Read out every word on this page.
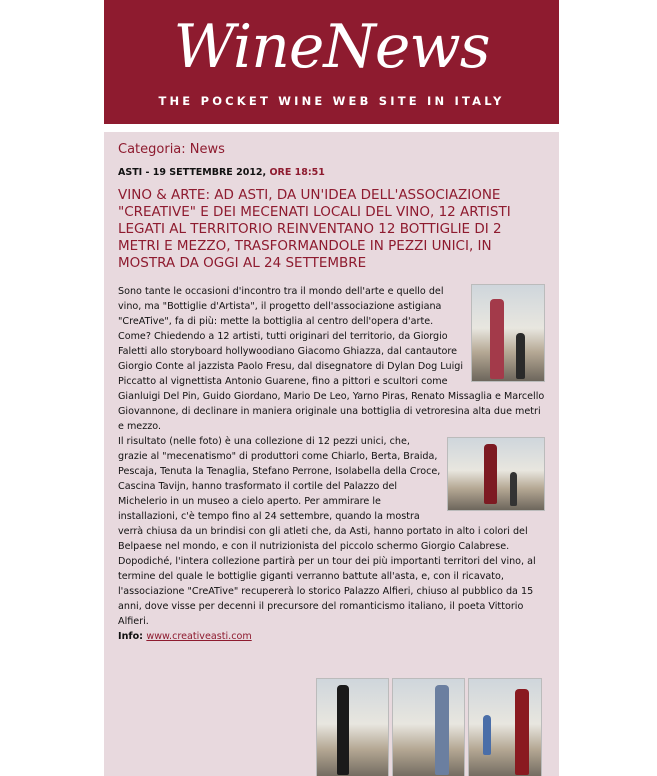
WineNews
THE POCKET WINE WEB SITE IN ITALY
Categoria: News
ASTI - 19 SETTEMBRE 2012, ORE 18:51
VINO & ARTE: AD ASTI, DA UN'IDEA DELL'ASSOCIAZIONE "CREATIVE" E DEI MECENATI LOCALI DEL VINO, 12 ARTISTI LEGATI AL TERRITORIO REINVENTANO 12 BOTTIGLIE DI 2 METRI E MEZZO, TRASFORMANDOLE IN PEZZI UNICI, IN MOSTRA DA OGGI AL 24 SETTEMBRE
Sono tante le occasioni d'incontro tra il mondo dell'arte e quello del vino, ma "Bottiglie d'Artista", il progetto dell'associazione astigiana "CreATive", fa di più: mette la bottiglia al centro dell'opera d'arte. Come? Chiedendo a 12 artisti, tutti originari del territorio, da Giorgio Faletti allo storyboard hollywoodiano Giacomo Ghiazza, dal cantautore Giorgio Conte al jazzista Paolo Fresu, dal disegnatore di Dylan Dog Luigi Piccatto al vignettista Antonio Guarene, fino a pittori e scultori come Gianluigi Del Pin, Guido Giordano, Mario De Leo, Yarno Piras, Renato Missaglia e Marcello Giovannone, di declinare in maniera originale una bottiglia di vetroresina alta due metri e mezzo.
Il risultato (nelle foto) è una collezione di 12 pezzi unici, che, grazie al "mecenatismo" di produttori come Chiarlo, Berta, Braida, Pescaja, Tenuta la Tenaglia, Stefano Perrone, Isolabella della Croce, Cascina Tavijn, hanno trasformato il cortile del Palazzo del Michelerio in un museo a cielo aperto. Per ammirare le installazioni, c'è tempo fino al 24 settembre, quando la mostra verrà chiusa da un brindisi con gli atleti che, da Asti, hanno portato in alto i colori del Belpaese nel mondo, e con il nutrizionista del piccolo schermo Giorgio Calabrese. Dopodiché, l'intera collezione partirà per un tour dei più importanti territori del vino, al termine del quale le bottiglie giganti verranno battute all'asta, e, con il ricavato, l'associazione "CreATive" recupererà lo storico Palazzo Alfieri, chiuso al pubblico da 15 anni, dove visse per decenni il precursore del romanticismo italiano, il poeta Vittorio Alfieri.
Info: www.creativeasti.com
